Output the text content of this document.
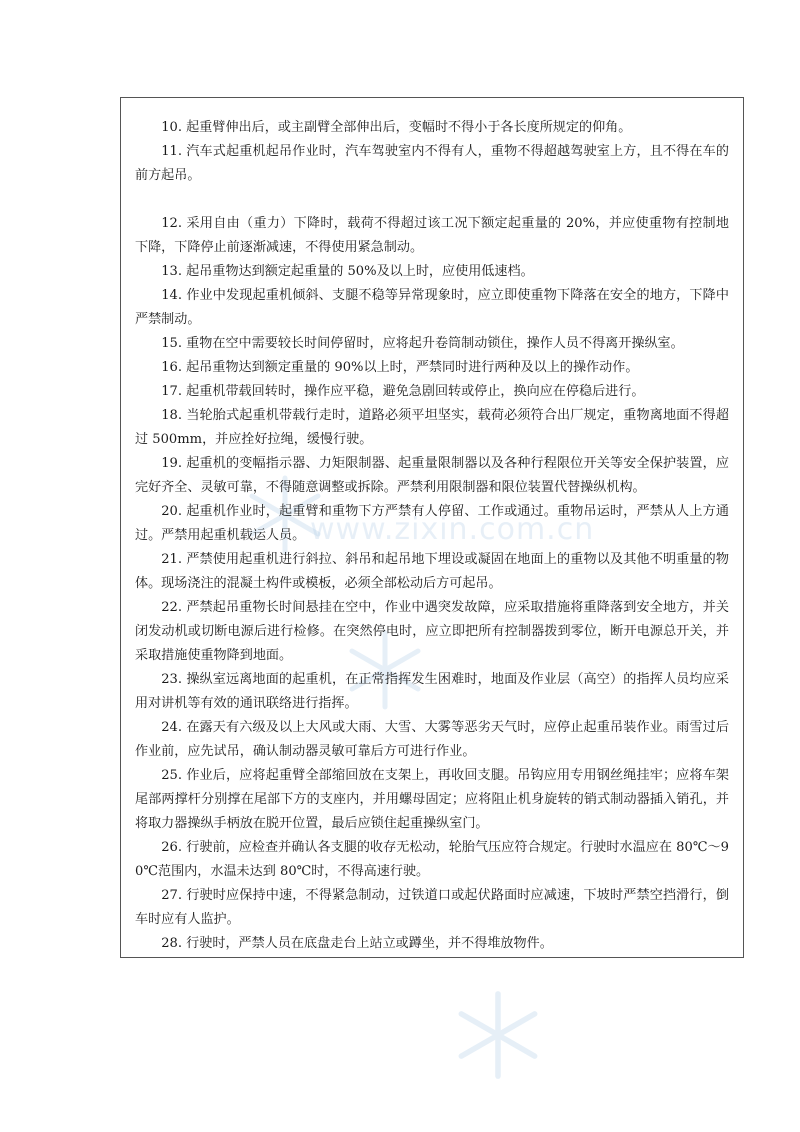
www.zixin.com.cn

10. 起重臂伸出后，或主副臂全部伸出后，变幅时不得小于各长度所规定的仰角。

11. 汽车式起重机起吊作业时，汽车驾驶室内不得有人，重物不得超越驾驶室上方，且不得在车的前方起吊。

12. 采用自由（重力）下降时，载荷不得超过该工况下额定起重量的 20%，并应使重物有控制地下降，下降停止前逐渐减速，不得使用紧急制动。

13. 起吊重物达到额定起重量的 50%及以上时，应使用低速档。

14. 作业中发现起重机倾斜、支腿不稳等异常现象时，应立即使重物下降落在安全的地方，下降中严禁制动。

15. 重物在空中需要较长时间停留时，应将起升卷筒制动锁住，操作人员不得离开操纵室。

16. 起吊重物达到额定重量的 90%以上时，严禁同时进行两种及以上的操作动作。

17. 起重机带载回转时，操作应平稳，避免急剧回转或停止，换向应在停稳后进行。

18. 当轮胎式起重机带载行走时，道路必须平坦坚实，载荷必须符合出厂规定，重物离地面不得超过 500mm，并应拴好拉绳，缓慢行驶。

19. 起重机的变幅指示器、力矩限制器、起重量限制器以及各种行程限位开关等安全保护装置，应完好齐全、灵敏可靠，不得随意调整或拆除。严禁利用限制器和限位装置代替操纵机构。

20. 起重机作业时，起重臂和重物下方严禁有人停留、工作或通过。重物吊运时，严禁从人上方通过。严禁用起重机载运人员。

21. 严禁使用起重机进行斜拉、斜吊和起吊地下埋设或凝固在地面上的重物以及其他不明重量的物体。现场浇注的混凝土构件或模板，必须全部松动后方可起吊。

22. 严禁起吊重物长时间悬挂在空中，作业中遇突发故障，应采取措施将重降落到安全地方，并关闭发动机或切断电源后进行检修。在突然停电时，应立即把所有控制器拨到零位，断开电源总开关，并采取措施使重物降到地面。

23. 操纵室远离地面的起重机，在正常指挥发生困难时，地面及作业层（高空）的指挥人员均应采用对讲机等有效的通讯联络进行指挥。

24. 在露天有六级及以上大风或大雨、大雪、大雾等恶劣天气时，应停止起重吊装作业。雨雪过后作业前，应先试吊，确认制动器灵敏可靠后方可进行作业。

25. 作业后，应将起重臂全部缩回放在支架上，再收回支腿。吊钩应用专用钢丝绳挂牢；应将车架尾部两撑杆分别撑在尾部下方的支座内，并用螺母固定；应将阻止机身旋转的销式制动器插入销孔，并将取力器操纵手柄放在脱开位置，最后应锁住起重操纵室门。

26. 行驶前，应检查并确认各支腿的收存无松动，轮胎气压应符合规定。行驶时水温应在 80℃～90℃范围内，水温未达到 80℃时，不得高速行驶。

27. 行驶时应保持中速，不得紧急制动，过铁道口或起伏路面时应减速，下坡时严禁空挡滑行，倒车时应有人监护。

28. 行驶时，严禁人员在底盘走台上站立或蹲坐，并不得堆放物件。
